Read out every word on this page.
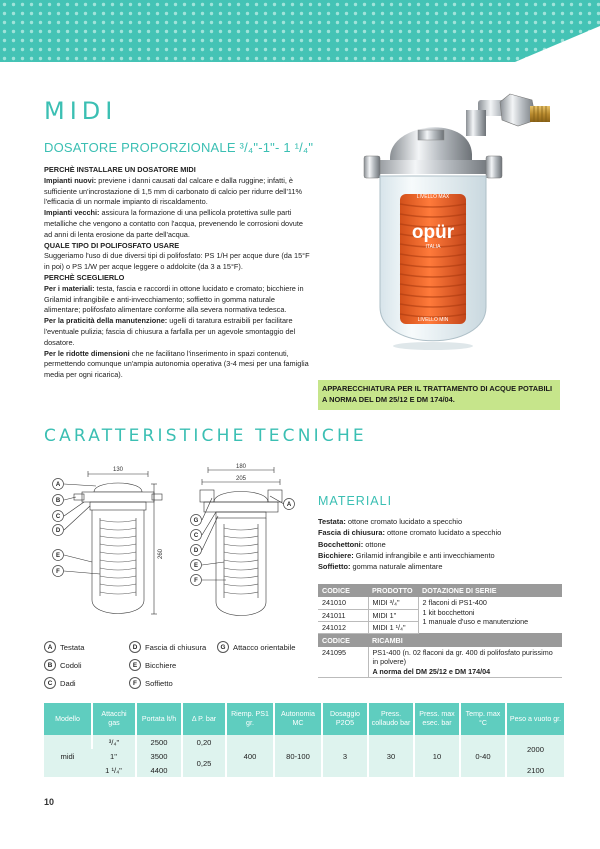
MIDI
DOSATORE PROPORZIONALE ³/₄"-1"- 1 ¹/₄"
PERCHÈ INSTALLARE UN DOSATORE MIDI

Impianti nuovi: previene i danni causati dal calcare e dalla ruggine; infatti, è sufficiente un'incrostazione di 1,5 mm di carbonato di calcio per ridurre dell'11% l'efficacia di un normale impianto di riscaldamento.

Impianti vecchi: assicura la formazione di una pellicola protettiva sulle parti metalliche che vengono a contatto con l'acqua, prevenendo le corrosioni dovute ad anni di lenta erosione da parte dell'acqua.

QUALE TIPO DI POLIFOSFATO USARE

Suggeriamo l'uso di due diversi tipi di polifosfato: PS 1/H per acque dure (da 15°F in poi) o PS 1/W per acque leggere o addolcite (da 3 a 15°F).

PERCHÈ SCEGLIERLO

Per i materiali: testa, fascia e raccordi in ottone lucidato e cromato; bicchiere in Grilamid infrangibile e anti-invecchiamento; soffietto in gomma naturale alimentare; polifosfato alimentare conforme alla severa normativa tedesca.

Per la praticità della manutenzione: ugelli di taratura estraibili per facilitare l'eventuale pulizia; fascia di chiusura a farfalla per un agevole smontaggio del dosatore.

Per le ridotte dimensioni che ne facilitano l'inserimento in spazi contenuti, permettendo comunque un'ampia autonomia operativa (3-4 mesi per una famiglia media per ogni ricarica).

LIVELLO MAX
opür
ITALIA
LIVELLO MIN
APPARECCHIATURA PER IL TRATTAMENTO DI ACQUE POTABILI A NORMA DEL DM 25/12 E DM 174/04.
CARATTERISTICHE TECNICHE
130	180
205
260
A
B
C
D
E
F
G
C
D
E
F
A
A	Testata	D	Fascia di chiusura	G Attacco orientabile
B	Codoli	E	Bicchiere
C	Dadi	F	Soffietto
MATERIALI
Testata: ottone cromato lucidato a specchio
Fascia di chiusura: ottone cromato lucidato a specchio
Bocchettoni: ottone
Bicchiere: Grilamid infrangibile e anti invecchiamento
Soffietto: gomma naturale alimentare
CODICE	PRODOTTO	DOTAZIONE DI SERIE
241010	MIDI ³/₄"	2 flaconi di PS1-400
1 kit bocchettoni
1 manuale d'uso e manutenzione

241011	MIDI 1"	
241012	MIDI 1 ¹/₄"	
CODICE	RICAMBI	
241095	PS1-400 (n. 02 flaconi da gr. 400 di polifosfato purissimo in polvere)
A norma del DM 25/12 e DM 174/04	
Modello	Attacchi gas	Portata lt/h	Δ P. bar	Riemp. PS1 gr.	Autonomia MC	Dosaggio P2O5	Press. collaudo bar	Press. max esec. bar	Temp. max °C	Peso a vuoto gr.
midi	³/₄"	2500	0,20	400	80-100	3	30	10	0-40	2000
	1"	3500	0,25							
	1 ¹/₄"	4400								2100
10
